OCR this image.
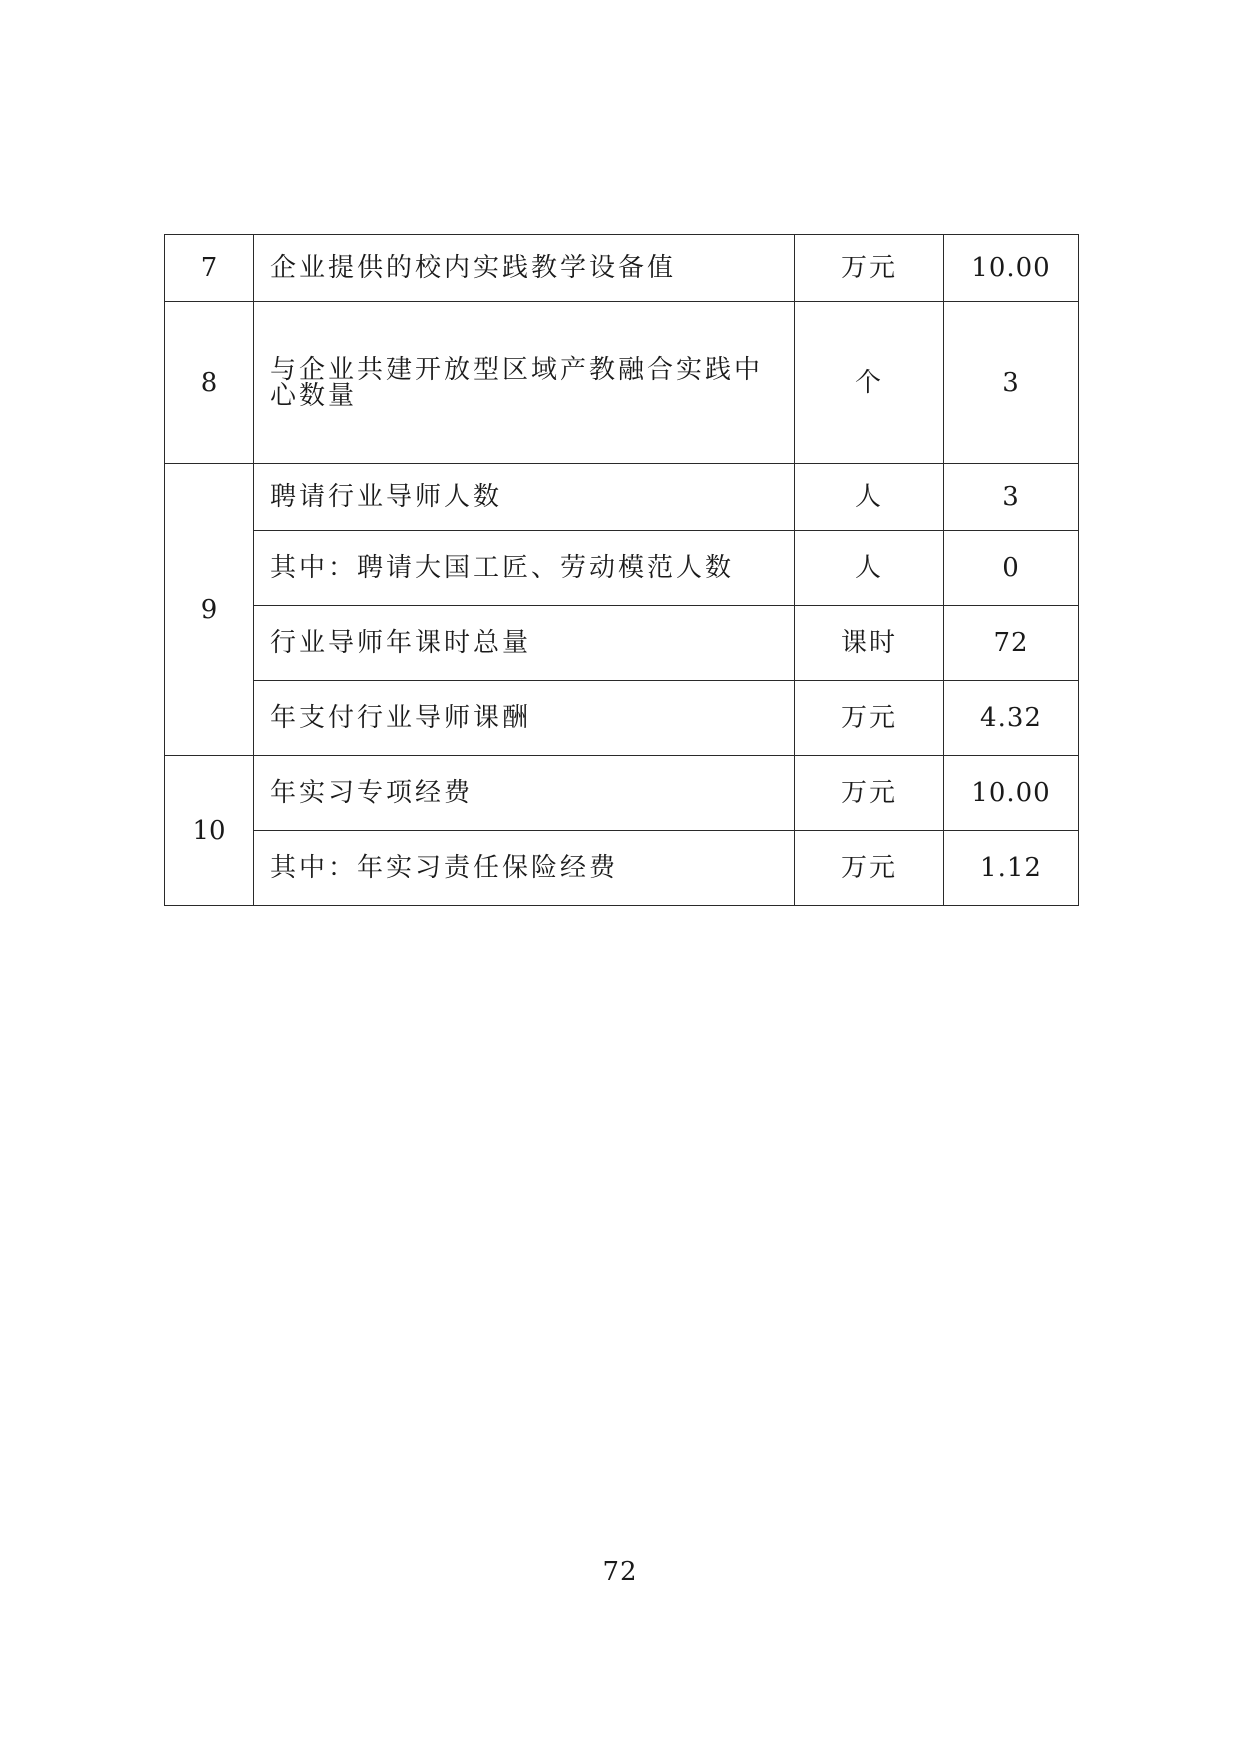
7	企业提供的校内实践教学设备值	万元	10.00
8	与企业共建开放型区域产教融合实践中心数量	个	3
9	聘请行业导师人数	人	3
	其中：聘请大国工匠、劳动模范人数	人	0
	行业导师年课时总量	课时	72
	年支付行业导师课酬	万元	4.32
10	年实习专项经费	万元	10.00
	其中：年实习责任保险经费	万元	1.12
72
